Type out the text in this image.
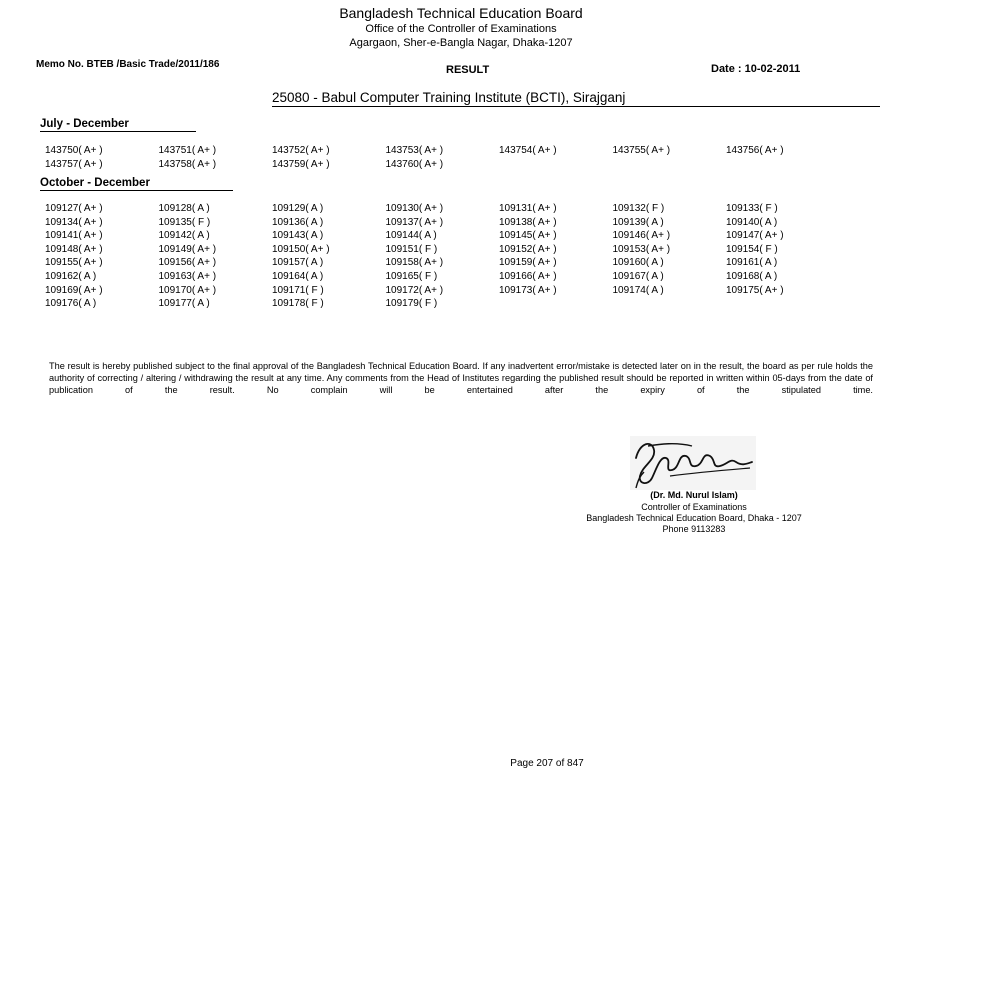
Bangladesh Technical Education Board
Office of the Controller of Examinations
Agargaon, Sher-e-Bangla Nagar, Dhaka-1207
Memo No. BTEB /Basic Trade/2011/186	RESULT	Date : 10-02-2011
25080 - Babul Computer Training Institute (BCTI), Sirajganj
July - December
143750( A+ )	143751( A+ )	143752( A+ )	143753( A+ )	143754( A+ )	143755( A+ )	143756( A+ )
143757( A+ )	143758( A+ )	143759( A+ )	143760( A+ )
October - December
109127( A+ )	109128( A )	109129( A )	109130( A+ )	109131( A+ )	109132( F )	109133( F )
109134( A+ )	109135( F )	109136( A )	109137( A+ )	109138( A+ )	109139( A )	109140( A )
109141( A+ )	109142( A )	109143( A )	109144( A )	109145( A+ )	109146( A+ )	109147( A+ )
109148( A+ )	109149( A+ )	109150( A+ )	109151( F )	109152( A+ )	109153( A+ )	109154( F )
109155( A+ )	109156( A+ )	109157( A )	109158( A+ )	109159( A+ )	109160( A )	109161( A )
109162( A )	109163( A+ )	109164( A )	109165( F )	109166( A+ )	109167( A )	109168( A )
109169( A+ )	109170( A+ )	109171( F )	109172( A+ )	109173( A+ )	109174( A )	109175( A+ )
109176( A )	109177( A )	109178( F )	109179( F )
The result is hereby published subject to the final approval of the Bangladesh Technical Education Board. If any inadvertent error/mistake is detected later on in the result, the board as per rule holds the authority of correcting / altering / withdrawing the result at any time. Any comments from the Head of Institutes regarding the published result should be reported in written within 05-days from the date of publication of the result. No complain will be entertained after the expiry of the stipulated time.
(Dr. Md. Nurul Islam)
Controller of Examinations
Bangladesh Technical Education Board, Dhaka - 1207
Phone 9113283
Page 207 of 847
